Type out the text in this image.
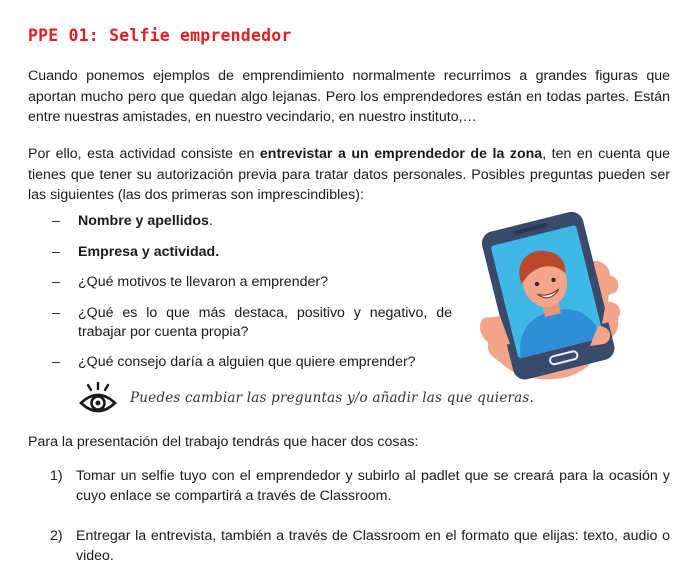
PPE 01: Selfie emprendedor

Cuando ponemos ejemplos de emprendimiento normalmente recurrimos a grandes figuras que aportan mucho pero que quedan algo lejanas. Pero los emprendedores están en todas partes. Están entre nuestras amistades, en nuestro vecindario, en nuestro instituto,…

Por ello, esta actividad consiste en entrevistar a un emprendedor de la zona, ten en cuenta que tienes que tener su autorización previa para tratar datos personales. Posibles preguntas pueden ser las siguientes (las dos primeras son imprescindibles):

– Nombre y apellidos.
– Empresa y actividad.
– ¿Qué motivos te llevaron a emprender?
– ¿Qué es lo que más destaca, positivo y negativo, de trabajar por cuenta propia?
– ¿Qué consejo daría a alguien que quiere emprender?
Puedes cambiar las preguntas y/o añadir las que quieras.

Para la presentación del trabajo tendrás que hacer dos cosas:

1) Tomar un selfie tuyo con el emprendedor y subirlo al padlet que se creará para la ocasión y cuyo enlace se compartirá a través de Classroom.
2) Entregar la entrevista, también a través de Classroom en el formato que elijas: texto, audio o video.
